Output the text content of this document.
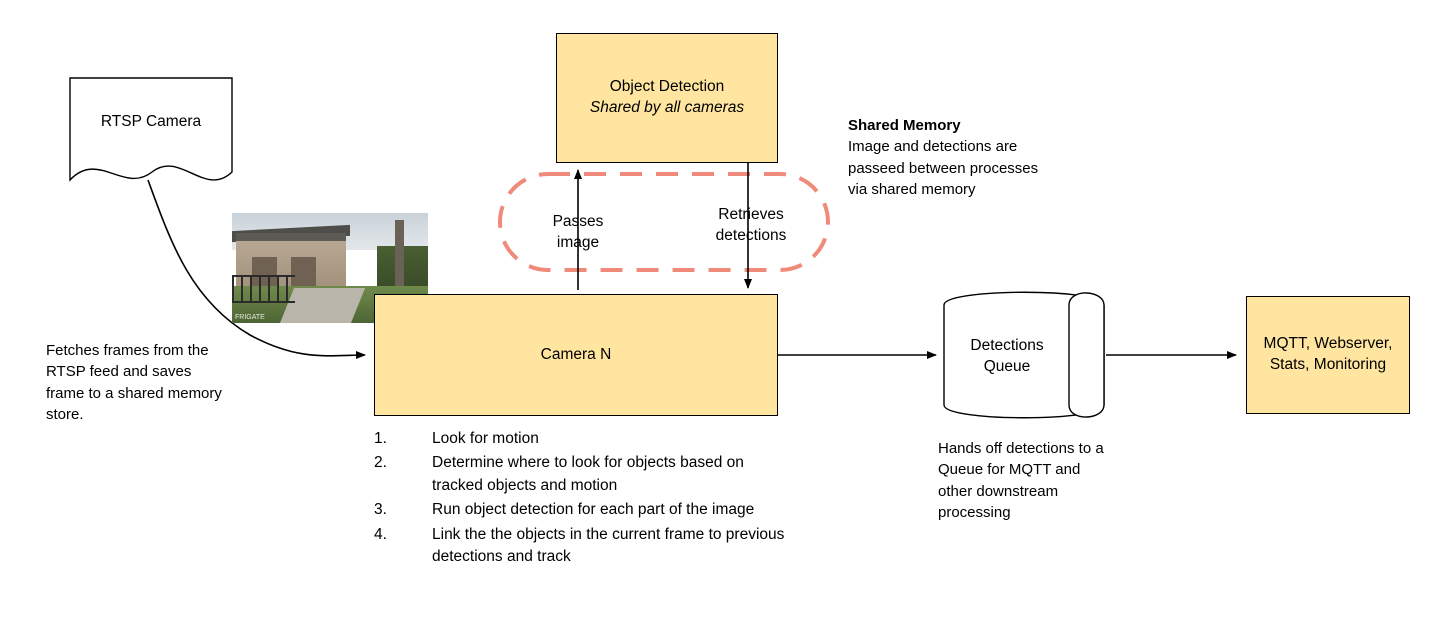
RTSP Camera
Object Detection
Shared by all cameras
FRIGATE
Camera N
Detections
Queue
MQTT, Webserver,
Stats, Monitoring
Passes
image
Retrieves
detections
Fetches frames from the RTSP feed and saves frame to a shared memory store.
Shared Memory
Image and detections are passeed between processes via shared memory
Hands off detections to a Queue for MQTT and other downstream processing
1.	Look for motion
2.	Determine where to look for objects based on tracked objects and motion
3.	Run object detection for each part of the image
4.	Link the the objects in the current frame to previous detections and track
